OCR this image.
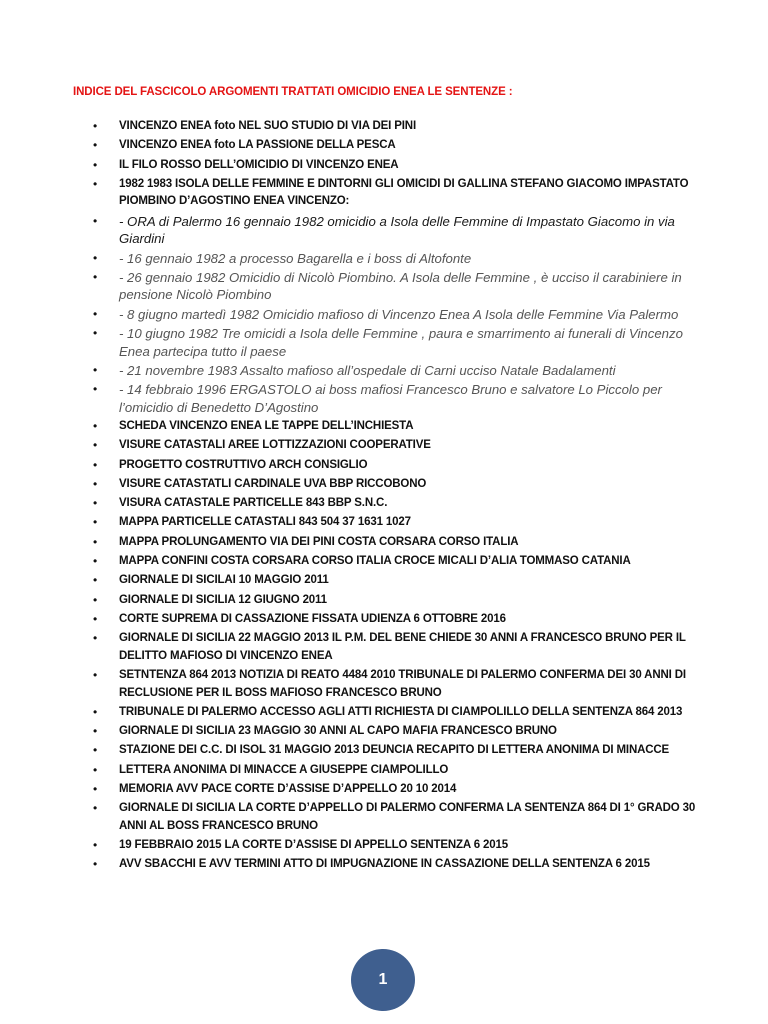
INDICE DEL FASCICOLO ARGOMENTI TRATTATI OMICIDIO ENEA LE SENTENZE :
• VINCENZO ENEA foto NEL SUO STUDIO DI VIA DEI PINI
• VINCENZO ENEA foto LA PASSIONE DELLA PESCA
• IL FILO ROSSO DELL’OMICIDIO DI VINCENZO ENEA
• 1982 1983 ISOLA DELLE FEMMINE E DINTORNI GLI OMICIDI DI GALLINA STEFANO GIACOMO IMPASTATO PIOMBINO D’AGOSTINO ENEA VINCENZO:
• - ORA di Palermo 16 gennaio 1982 omicidio a Isola delle Femmine di Impastato Giacomo in via Giardini
• - 16 gennaio 1982 a processo Bagarella e i boss di Altofonte
• - 26 gennaio 1982 Omicidio di Nicolò Piombino. A Isola delle Femmine , è ucciso il carabiniere in pensione Nicolò Piombino
• - 8 giugno martedì 1982 Omicidio mafioso di Vincenzo Enea A Isola delle Femmine Via Palermo
• - 10 giugno 1982 Tre omicidi a Isola delle Femmine , paura e smarrimento ai funerali di Vincenzo Enea partecipa tutto il paese
• - 21 novembre 1983 Assalto mafioso all’ospedale di Carni ucciso Natale Badalamenti
• - 14 febbraio 1996 ERGASTOLO ai boss mafiosi Francesco Bruno e salvatore Lo Piccolo per l’omicidio di Benedetto D’Agostino
• SCHEDA VINCENZO ENEA LE TAPPE DELL’INCHIESTA
• VISURE CATASTALI AREE LOTTIZZAZIONI COOPERATIVE
• PROGETTO COSTRUTTIVO ARCH CONSIGLIO
• VISURE CATASTATLI CARDINALE UVA BBP RICCOBONO
• VISURA CATASTALE PARTICELLE 843 BBP S.N.C.
• MAPPA PARTICELLE CATASTALI 843 504 37 1631 1027
• MAPPA PROLUNGAMENTO VIA DEI PINI COSTA CORSARA CORSO ITALIA
• MAPPA CONFINI COSTA CORSARA CORSO ITALIA CROCE MICALI D’ALIA TOMMASO CATANIA
• GIORNALE DI SICILAI 10 MAGGIO 2011
• GIORNALE DI SICILIA 12 GIUGNO 2011
• CORTE SUPREMA DI CASSAZIONE FISSATA UDIENZA 6 OTTOBRE 2016
• GIORNALE DI SICILIA 22 MAGGIO 2013 IL P.M. DEL BENE CHIEDE 30 ANNI A FRANCESCO BRUNO PER IL DELITTO MAFIOSO DI VINCENZO ENEA
• SETNTENZA 864 2013 NOTIZIA DI REATO 4484 2010 TRIBUNALE DI PALERMO CONFERMA DEI 30 ANNI DI RECLUSIONE PER IL BOSS MAFIOSO FRANCESCO BRUNO
• TRIBUNALE DI PALERMO ACCESSO AGLI ATTI RICHIESTA DI CIAMPOLILLO DELLA SENTENZA 864 2013
• GIORNALE DI SICILIA 23 MAGGIO 30 ANNI AL CAPO MAFIA FRANCESCO BRUNO
• STAZIONE DEI C.C. DI ISOL 31 MAGGIO 2013 DEUNCIA RECAPITO DI LETTERA ANONIMA DI MINACCE
• LETTERA ANONIMA DI MINACCE A GIUSEPPE CIAMPOLILLO
• MEMORIA AVV PACE CORTE D’ASSISE D’APPELLO 20 10 2014
• GIORNALE DI SICILIA LA CORTE D’APPELLO DI PALERMO CONFERMA LA SENTENZA 864 DI 1° GRADO 30 ANNI AL BOSS FRANCESCO BRUNO
• 19 FEBBRAIO 2015 LA CORTE D’ASSISE DI APPELLO SENTENZA 6 2015
• AVV SBACCHI E AVV TERMINI ATTO DI IMPUGNAZIONE IN CASSAZIONE DELLA SENTENZA 6 2015
1
